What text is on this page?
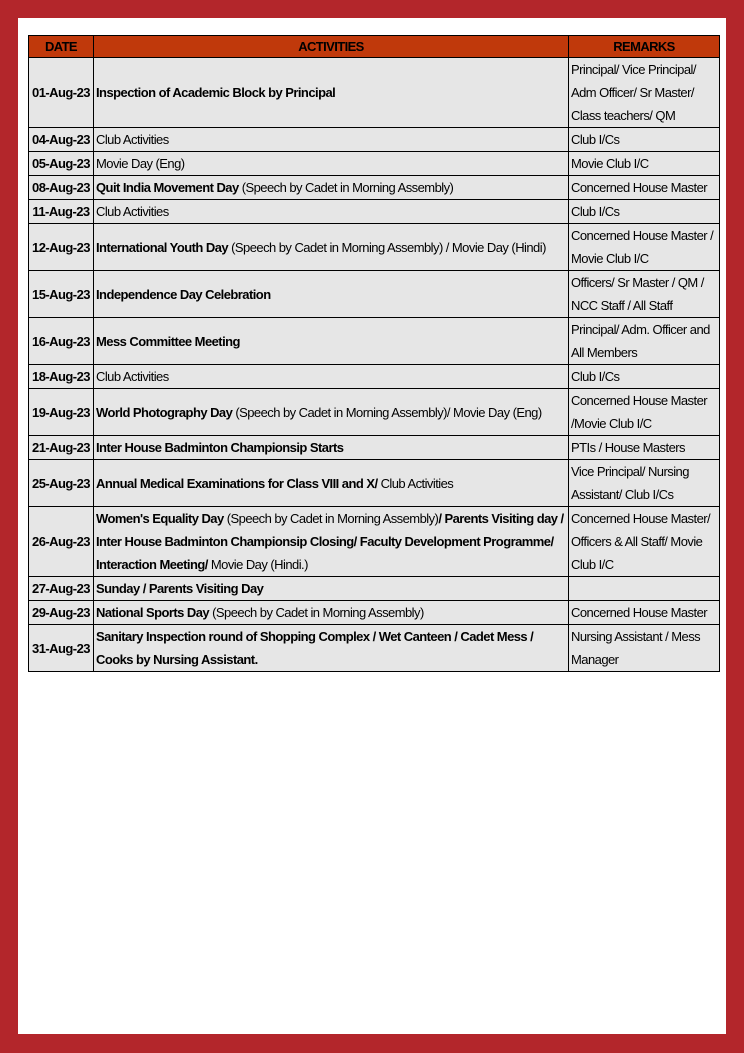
DATE	ACTIVITIES	REMARKS
01-Aug-23	Inspection of Academic Block by Principal	Principal/ Vice Principal/ Adm Officer/ Sr Master/ Class teachers/ QM
04-Aug-23	Club Activities	Club I/Cs
05-Aug-23	Movie Day (Eng)	Movie Club I/C
08-Aug-23	Quit India Movement Day (Speech by Cadet in Morning Assembly)	Concerned House Master
11-Aug-23	Club Activities	Club I/Cs
12-Aug-23	International Youth Day (Speech by Cadet in Morning Assembly) / Movie Day (Hindi)	Concerned House Master / Movie Club I/C
15-Aug-23	Independence Day Celebration	Officers/ Sr Master / QM / NCC Staff / All Staff
16-Aug-23	Mess Committee Meeting	Principal/ Adm. Officer and All Members
18-Aug-23	Club Activities	Club I/Cs
19-Aug-23	World Photography Day (Speech by Cadet in Morning Assembly)/ Movie Day (Eng)	Concerned House Master /Movie Club I/C
21-Aug-23	Inter House Badminton Championsip Starts	PTIs / House Masters
25-Aug-23	Annual Medical Examinations for Class VIII and X/ Club Activities	Vice Principal/ Nursing Assistant/ Club I/Cs
26-Aug-23	Women's Equality Day (Speech by Cadet in Morning Assembly)/ Parents Visiting day / Inter House Badminton Championsip Closing/ Faculty Development Programme/ Interaction Meeting/ Movie Day (Hindi.)	Concerned House Master/ Officers & All Staff/ Movie Club I/C
27-Aug-23	Sunday / Parents Visiting Day	
29-Aug-23	National Sports Day (Speech by Cadet in Morning Assembly)	Concerned House Master
31-Aug-23	Sanitary Inspection round of Shopping Complex / Wet Canteen / Cadet Mess / Cooks by Nursing Assistant.	Nursing Assistant / Mess Manager
